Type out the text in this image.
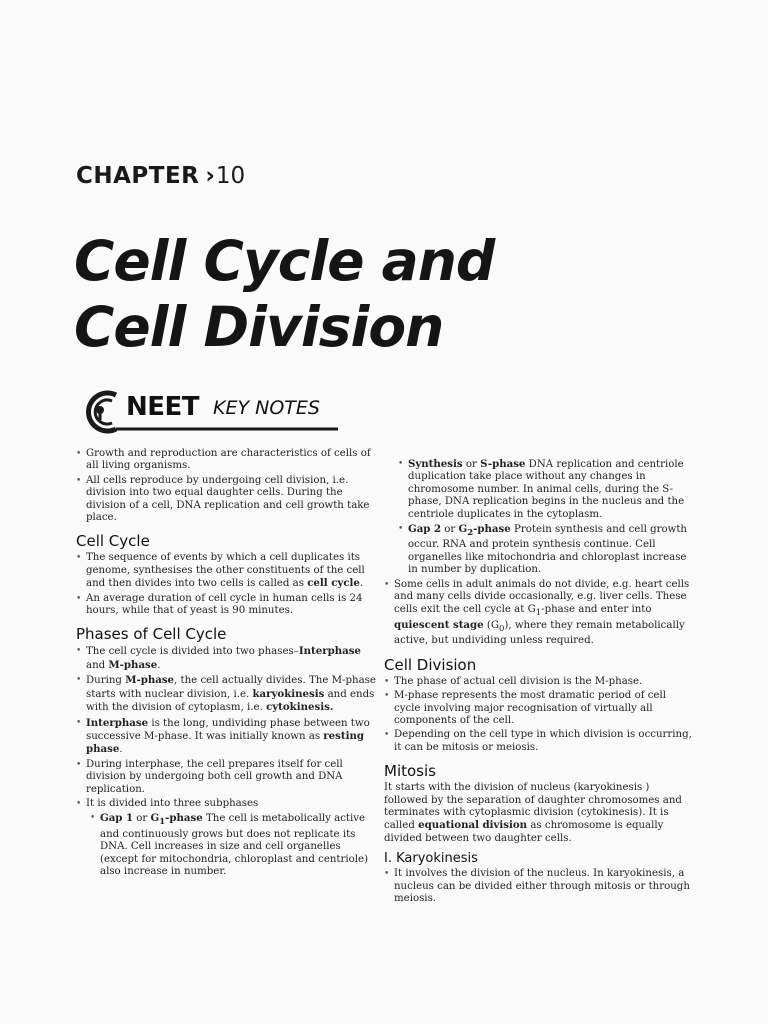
CHAPTER ›10
Cell Cycle and
Cell Division
NEET KEY NOTES
• Growth and reproduction are characteristics of cells of all living organisms.
• All cells reproduce by undergoing cell division, i.e. division into two equal daughter cells. During the division of a cell, DNA replication and cell growth take place.
Cell Cycle
• The sequence of events by which a cell duplicates its genome, synthesises the other constituents of the cell and then divides into two cells is called as cell cycle.
• An average duration of cell cycle in human cells is 24 hours, while that of yeast is 90 minutes.
Phases of Cell Cycle
• The cell cycle is divided into two phases–Interphase and M-phase.
• During M-phase, the cell actually divides. The M-phase starts with nuclear division, i.e. karyokinesis and ends with the division of cytoplasm, i.e. cytokinesis.
• Interphase is the long, undividing phase between two successive M-phase. It was initially known as resting phase.
• During interphase, the cell prepares itself for cell division by undergoing both cell growth and DNA replication.
• It is divided into three subphases
• Gap 1 or $G_1$-phase The cell is metabolically active and continuously grows but does not replicate its DNA. Cell increases in size and cell organelles (except for mitochondria, chloroplast and centriole) also increase in number.
• Synthesis or S-phase DNA replication and centriole duplication take place without any changes in chromosome number. In animal cells, during the S-phase, DNA replication begins in the nucleus and the centriole duplicates in the cytoplasm.
• Gap 2 or $G_2$-phase Protein synthesis and cell growth occur. RNA and protein synthesis continue. Cell organelles like mitochondria and chloroplast increase in number by duplication.
• Some cells in adult animals do not divide, e.g. heart cells and many cells divide occasionally, e.g. liver cells. These cells exit the cell cycle at $G_1$-phase and enter into quiescent stage $(G_0)$, where they remain metabolically active, but undividing unless required.
Cell Division
• The phase of actual cell division is the M-phase.
• M-phase represents the most dramatic period of cell cycle involving major recognisation of virtually all components of the cell.
• Depending on the cell type in which division is occurring, it can be mitosis or meiosis.
Mitosis

It starts with the division of nucleus (karyokinesis ) followed by the separation of daughter chromosomes and terminates with cytoplasmic division (cytokinesis). It is called equational division as chromosome is equally divided between two daughter cells.

I. Karyokinesis
• It involves the division of the nucleus. In karyokinesis, a nucleus can be divided either through mitosis or through meiosis.
